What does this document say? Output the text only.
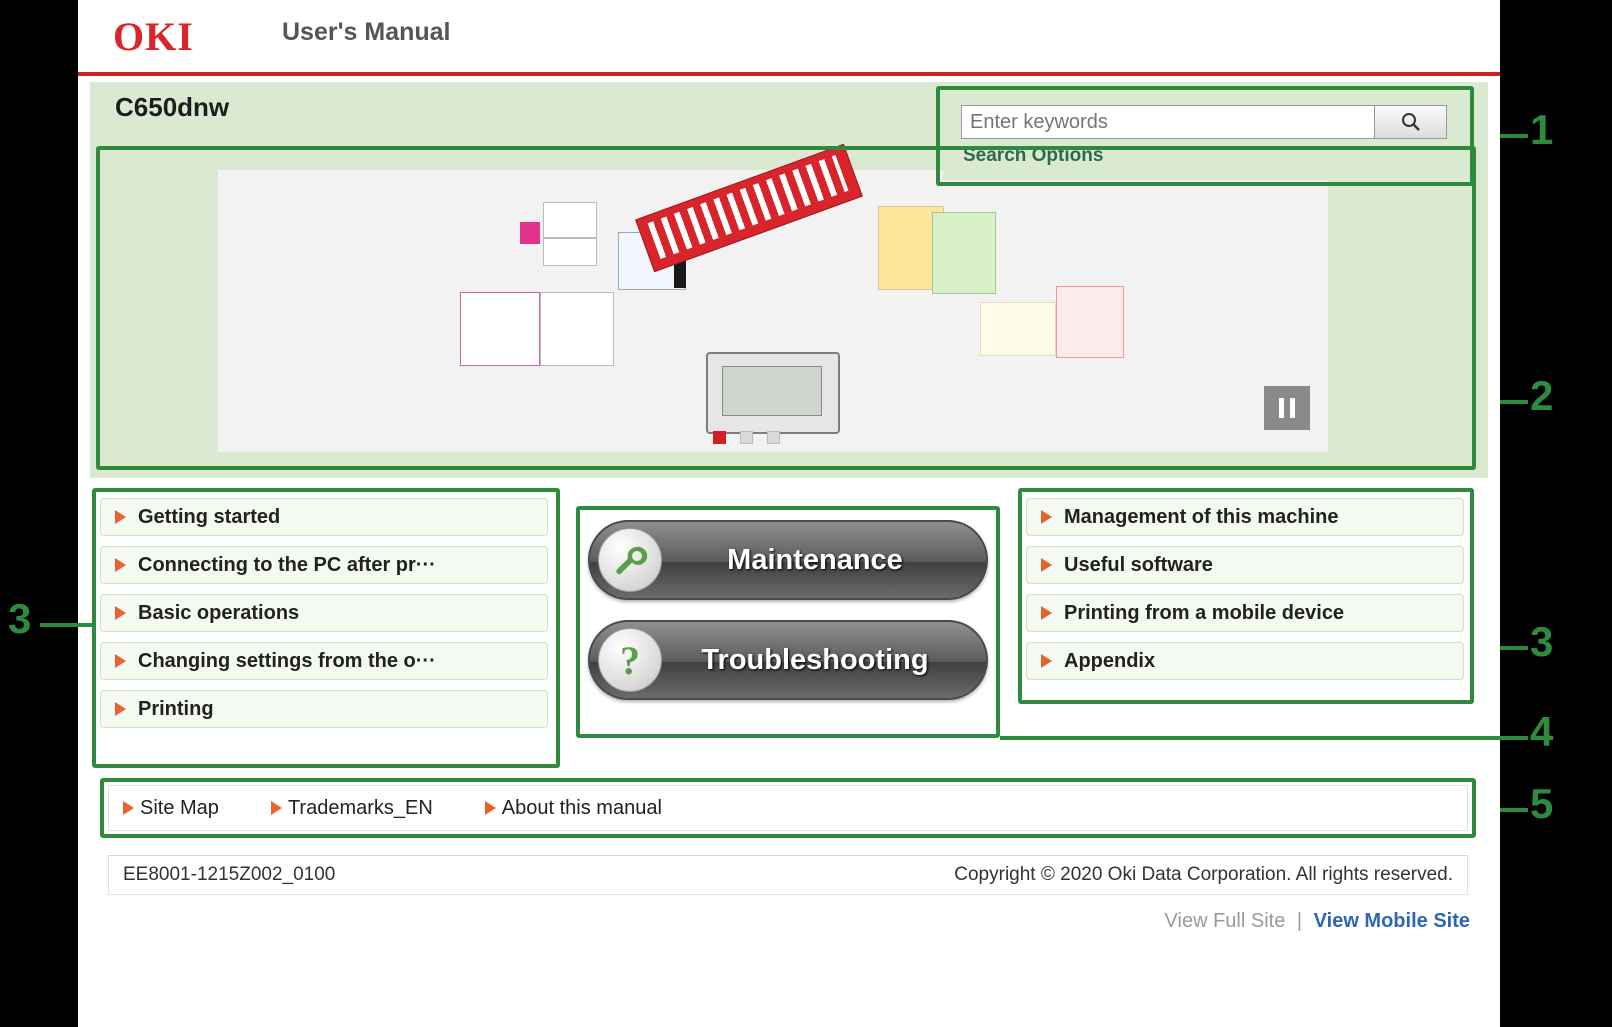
OKI	User's Manual
C650dnw
Enter keywords
Search Options
Getting started
Connecting to the PC after pr···
Basic operations
Changing settings from the o···
Printing
Management of this machine
Useful software
Printing from a mobile device
Appendix
Maintenance
?	Troubleshooting
Site Map	Trademarks_EN	About this manual
EE8001-1215Z002_0100	Copyright © 2020 Oki Data Corporation. All rights reserved.
View Full Site | View Mobile Site
1
2
3	3
4
5
